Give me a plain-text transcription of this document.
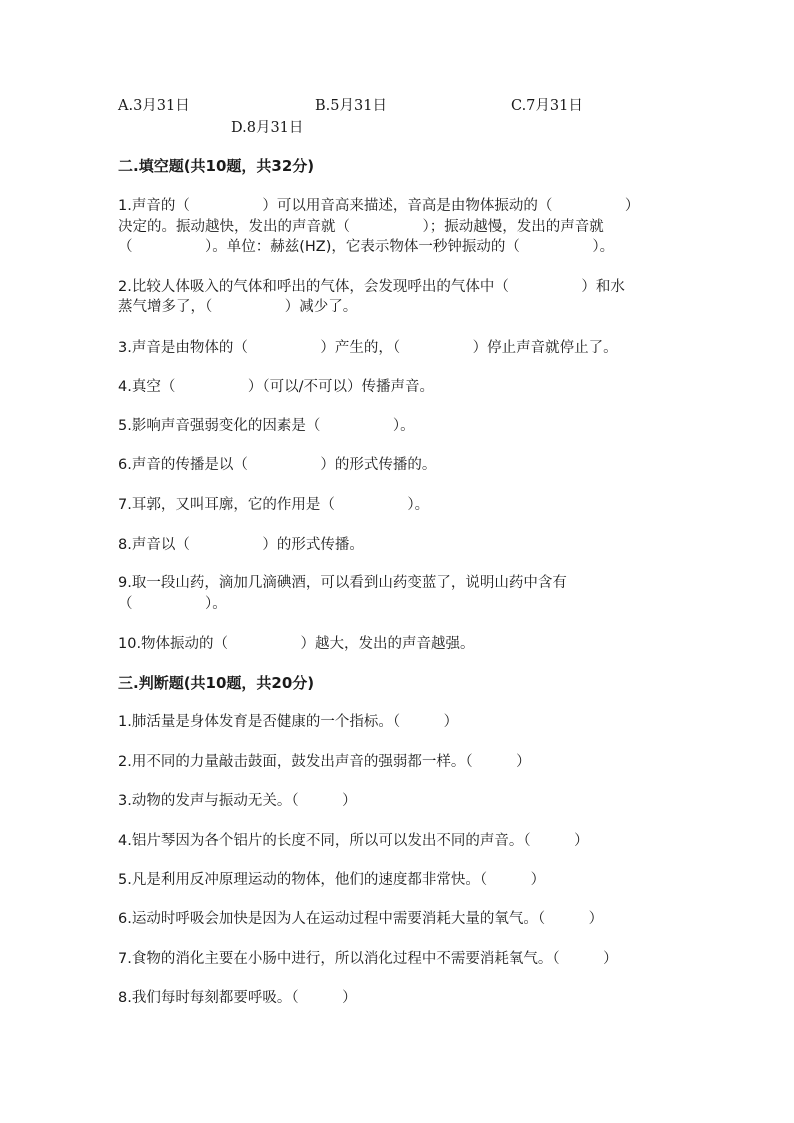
A.3月31日	B.5月31日	C.7月31日
D.8月31日
二.填空题(共10题，共32分)
1.声音的（　　　　　）可以用音高来描述，音高是由物体振动的（　　　　　）
决定的。振动越快，发出的声音就（　　　　　）；振动越慢，发出的声音就
（　　　　　）。单位：赫兹(HZ)，它表示物体一秒钟振动的（　　　　　）。
2.比较人体吸入的气体和呼出的气体，会发现呼出的气体中（　　　　　）和水
蒸气增多了，（　　　　　）减少了。
3.声音是由物体的（　　　　　）产生的，（　　　　　）停止声音就停止了。
4.真空（　　　　　）（可以/不可以）传播声音。
5.影响声音强弱变化的因素是（　　　　　）。
6.声音的传播是以（　　　　　）的形式传播的。
7.耳郭，又叫耳廓，它的作用是（　　　　　）。
8.声音以（　　　　　）的形式传播。
9.取一段山药，滴加几滴碘酒，可以看到山药变蓝了，说明山药中含有
（　　　　　）。
10.物体振动的（　　　　　）越大，发出的声音越强。
三.判断题(共10题，共20分)
1.肺活量是身体发育是否健康的一个指标。（　　　）
2.用不同的力量敲击鼓面，鼓发出声音的强弱都一样。（　　　）
3.动物的发声与振动无关。（　　　）
4.铝片琴因为各个铝片的长度不同，所以可以发出不同的声音。（　　　）
5.凡是利用反冲原理运动的物体，他们的速度都非常快。（　　　）
6.运动时呼吸会加快是因为人在运动过程中需要消耗大量的氧气。（　　　）
7.食物的消化主要在小肠中进行，所以消化过程中不需要消耗氧气。（　　　）
8.我们每时每刻都要呼吸。（　　　）
